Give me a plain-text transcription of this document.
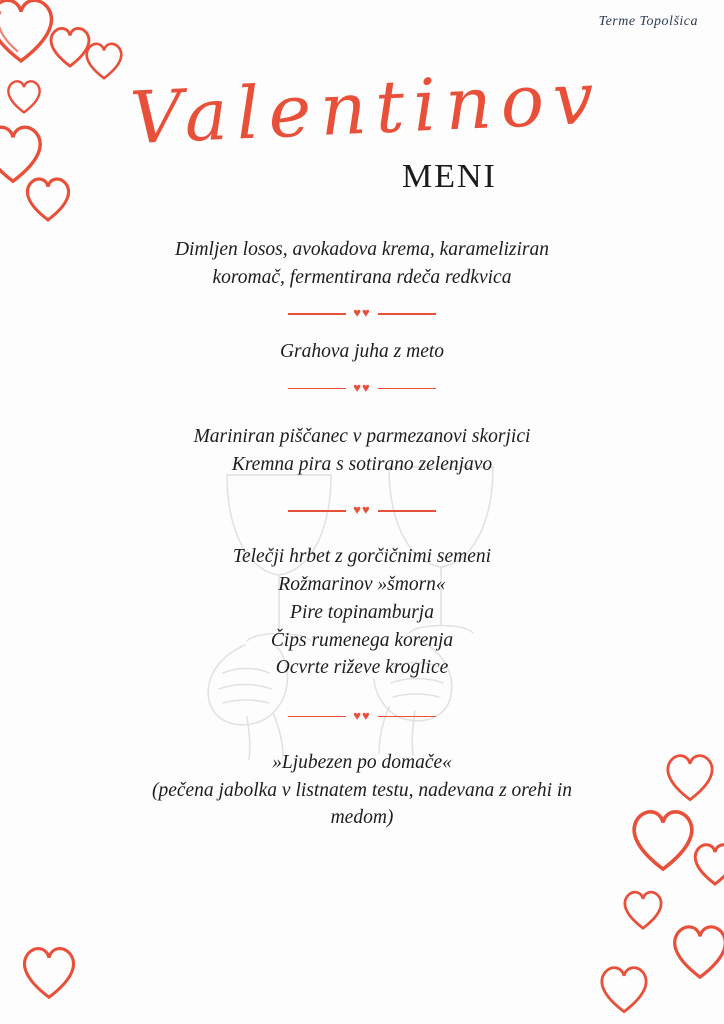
Terme Topolšica
Valentinov
MENI
Dimljen losos, avokadova krema, karameliziran
koromač, fermentirana rdeča redkvica
♥♥
Grahova juha z meto
♥♥
Mariniran piščanec v parmezanovi skorjici
Kremna pira s sotirano zelenjavo
♥♥
Telečji hrbet z gorčičnimi semeni
Rožmarinov »šmorn«
Pire topinamburja
Čips rumenega korenja
Ocvrte riževe kroglice
♥♥
»Ljubezen po domače«
(pečena jabolka v listnatem testu, nadevana z orehi in
medom)
